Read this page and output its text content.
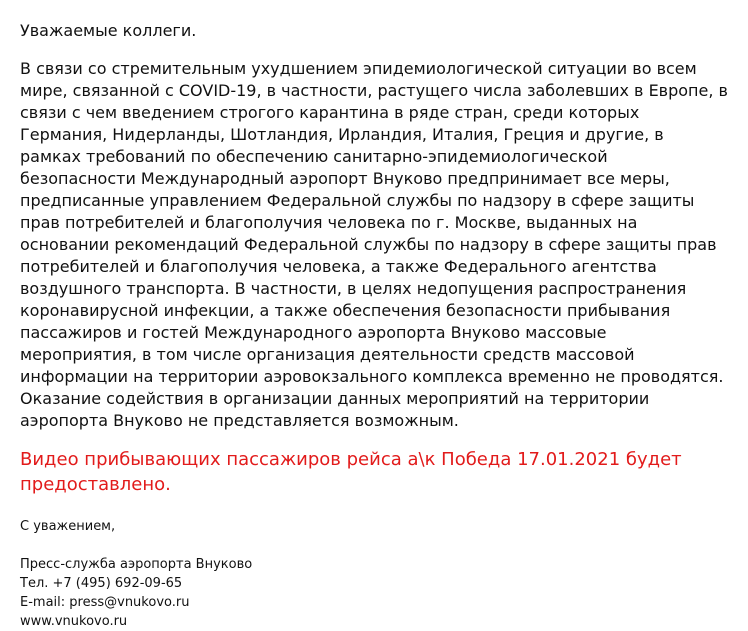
Уважаемые коллеги.

В связи со стремительным ухудшением эпидемиологической ситуации во всем мире, связанной с COVID-19, в частности, растущего числа заболевших в Европе, в связи с чем введением строгого карантина в ряде стран, среди которых Германия, Нидерланды, Шотландия, Ирландия, Италия, Греция и другие, в рамках требований по обеспечению санитарно-эпидемиологической безопасности Международный аэропорт Внуково предпринимает все меры, предписанные управлением Федеральной службы по надзору в сфере защиты прав потребителей и благополучия человека по г. Москве, выданных на основании рекомендаций Федеральной службы по надзору в сфере защиты прав потребителей и благополучия человека, а также Федерального агентства воздушного транспорта. В частности, в целях недопущения распространения коронавирусной инфекции, а также обеспечения безопасности прибывания пассажиров и гостей Международного аэропорта Внуково массовые мероприятия, в том числе организация деятельности средств массовой информации на территории аэровокзального комплекса временно не проводятся. Оказание содействия в организации данных мероприятий на территории аэропорта Внуково не представляется возможным.

Видео прибывающих пассажиров рейса а\к Победа 17.01.2021 будет предоставлено.

С уважением,

Пресс-служба аэропорта Внуково
Тел. +7 (495) 692-09-65
E-mail: press@vnukovo.ru
www.vnukovo.ru
